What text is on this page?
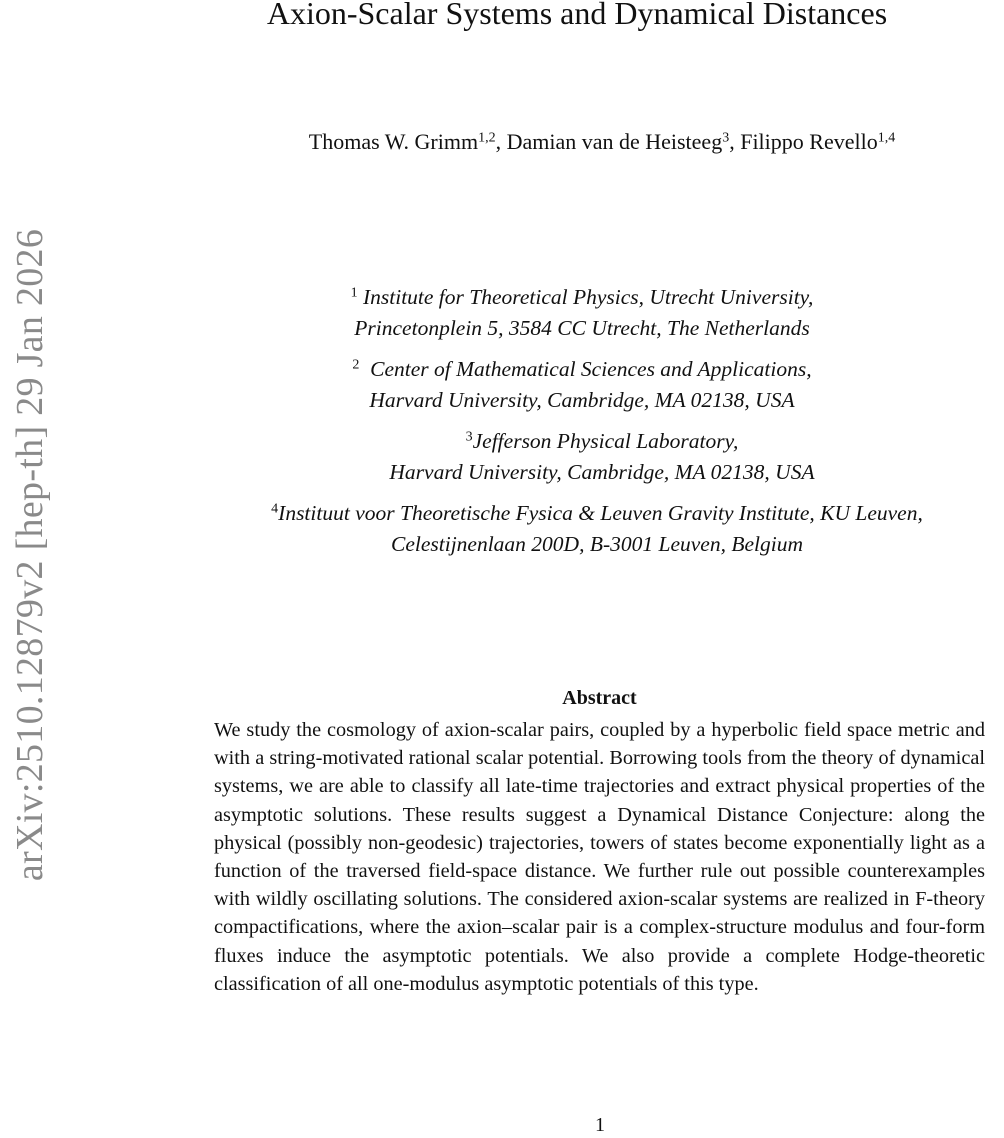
arXiv:2510.12879v2 [hep-th] 29 Jan 2026
Axion-Scalar Systems and Dynamical Distances
Thomas W. Grimm$^{1,2}$, Damian van de Heisteeg$^3$, Filippo Revello$^{1,4}$
$^1$ Institute for Theoretical Physics, Utrecht University,
Princetonplein 5, 3584 CC Utrecht, The Netherlands
$^2$ Center of Mathematical Sciences and Applications,
Harvard University, Cambridge, MA 02138, USA
$^3$Jefferson Physical Laboratory,
Harvard University, Cambridge, MA 02138, USA
$^4$Instituut voor Theoretische Fysica & Leuven Gravity Institute, KU Leuven,
Celestijnenlaan 200D, B-3001 Leuven, Belgium
Abstract
We study the cosmology of axion-scalar pairs, coupled by a hyperbolic field space metric and with a string-motivated rational scalar potential. Borrowing tools from the theory of dynamical systems, we are able to classify all late-time trajectories and extract physical properties of the asymptotic solutions. These results suggest a Dynamical Distance Conjecture: along the physical (possibly non-geodesic) trajectories, towers of states become exponentially light as a function of the traversed field-space distance. We further rule out possible counterexamples with wildly oscillating solutions. The considered axion-scalar systems are realized in F-theory compactifications, where the axion–scalar pair is a complex-structure modulus and four-form fluxes induce the asymptotic potentials. We also provide a complete Hodge-theoretic classification of all one-modulus asymptotic potentials of this type.
1
